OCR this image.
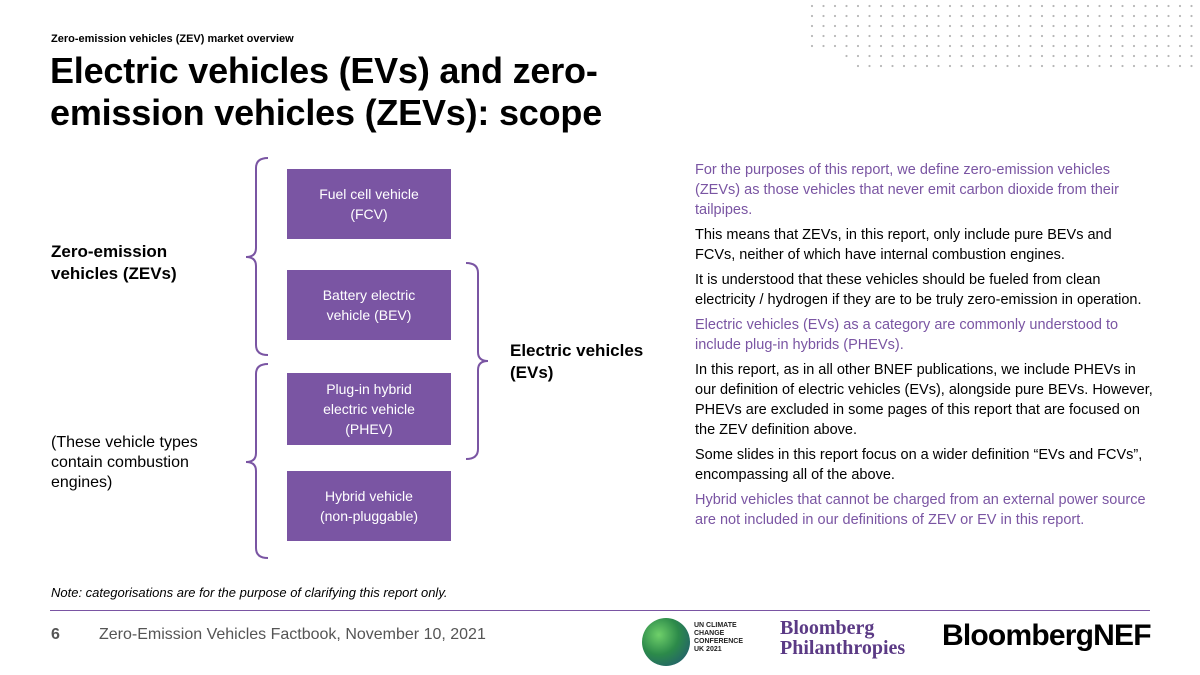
Zero-emission vehicles (ZEV) market overview
Electric vehicles (EVs) and zero-emission vehicles (ZEVs): scope
Fuel cell vehicle
(FCV)
Battery electric
vehicle (BEV)
Plug-in hybrid
electric vehicle
(PHEV)
Hybrid vehicle
(non-pluggable)
Zero-emission
vehicles (ZEVs)
(These vehicle types
contain combustion
engines)
Electric vehicles
(EVs)

For the purposes of this report, we define zero-emission vehicles (ZEVs) as those vehicles that never emit carbon dioxide from their tailpipes.

This means that ZEVs, in this report, only include pure BEVs and FCVs, neither of which have internal combustion engines.

It is understood that these vehicles should be fueled from clean electricity / hydrogen if they are to be truly zero-emission in operation.

Electric vehicles (EVs) as a category are commonly understood to include plug-in hybrids (PHEVs).

In this report, as in all other BNEF publications, we include PHEVs in our definition of electric vehicles (EVs), alongside pure BEVs. However, PHEVs are excluded in some pages of this report that are focused on the ZEV definition above.

Some slides in this report focus on a wider definition “EVs and FCVs”, encompassing all of the above.

Hybrid vehicles that cannot be charged from an external power source are not included in our definitions of ZEV or EV in this report.

Note: categorisations are for the purpose of clarifying this report only.
6 Zero-Emission Vehicles Factbook, November 10, 2021
UN CLIMATE
CHANGE
CONFERENCE
UK 2021
Bloomberg
Philanthropies BloombergNEF
